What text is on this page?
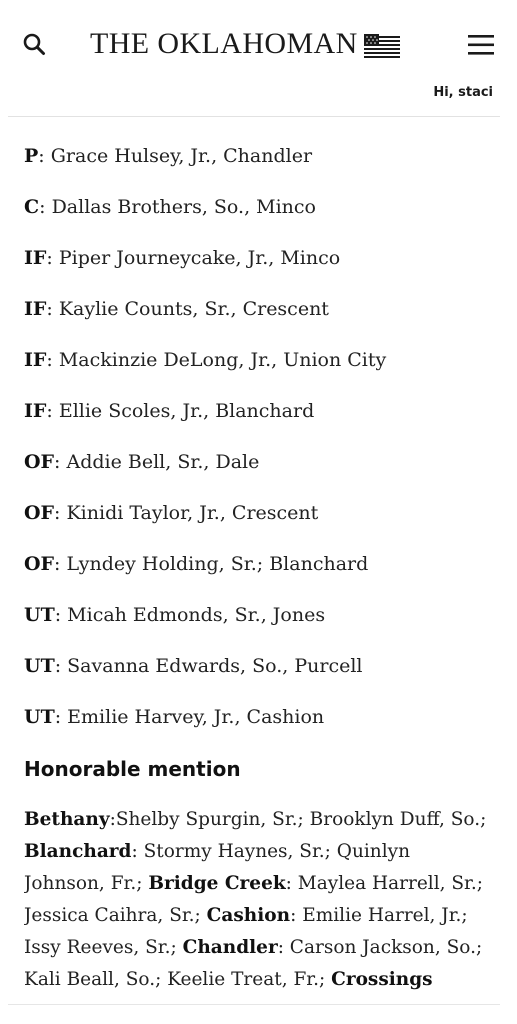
THE OKLAHOMAN
Hi, staci
P: Grace Hulsey, Jr., Chandler
C: Dallas Brothers, So., Minco
IF: Piper Journeycake, Jr., Minco
IF: Kaylie Counts, Sr., Crescent
IF: Mackinzie DeLong, Jr., Union City
IF: Ellie Scoles, Jr., Blanchard
OF: Addie Bell, Sr., Dale
OF: Kinidi Taylor, Jr., Crescent
OF: Lyndey Holding, Sr.; Blanchard
UT: Micah Edmonds, Sr., Jones
UT: Savanna Edwards, So., Purcell
UT: Emilie Harvey, Jr., Cashion
Honorable mention
Bethany:Shelby Spurgin, Sr.; Brooklyn Duff, So.; Blanchard: Stormy Haynes, Sr.; Quinlyn Johnson, Fr.; Bridge Creek: Maylea Harrell, Sr.; Jessica Caihra, Sr.; Cashion: Emilie Harrel, Jr.; Issy Reeves, Sr.; Chandler: Carson Jackson, So.; Kali Beall, So.; Keelie Treat, Fr.; Crossings
